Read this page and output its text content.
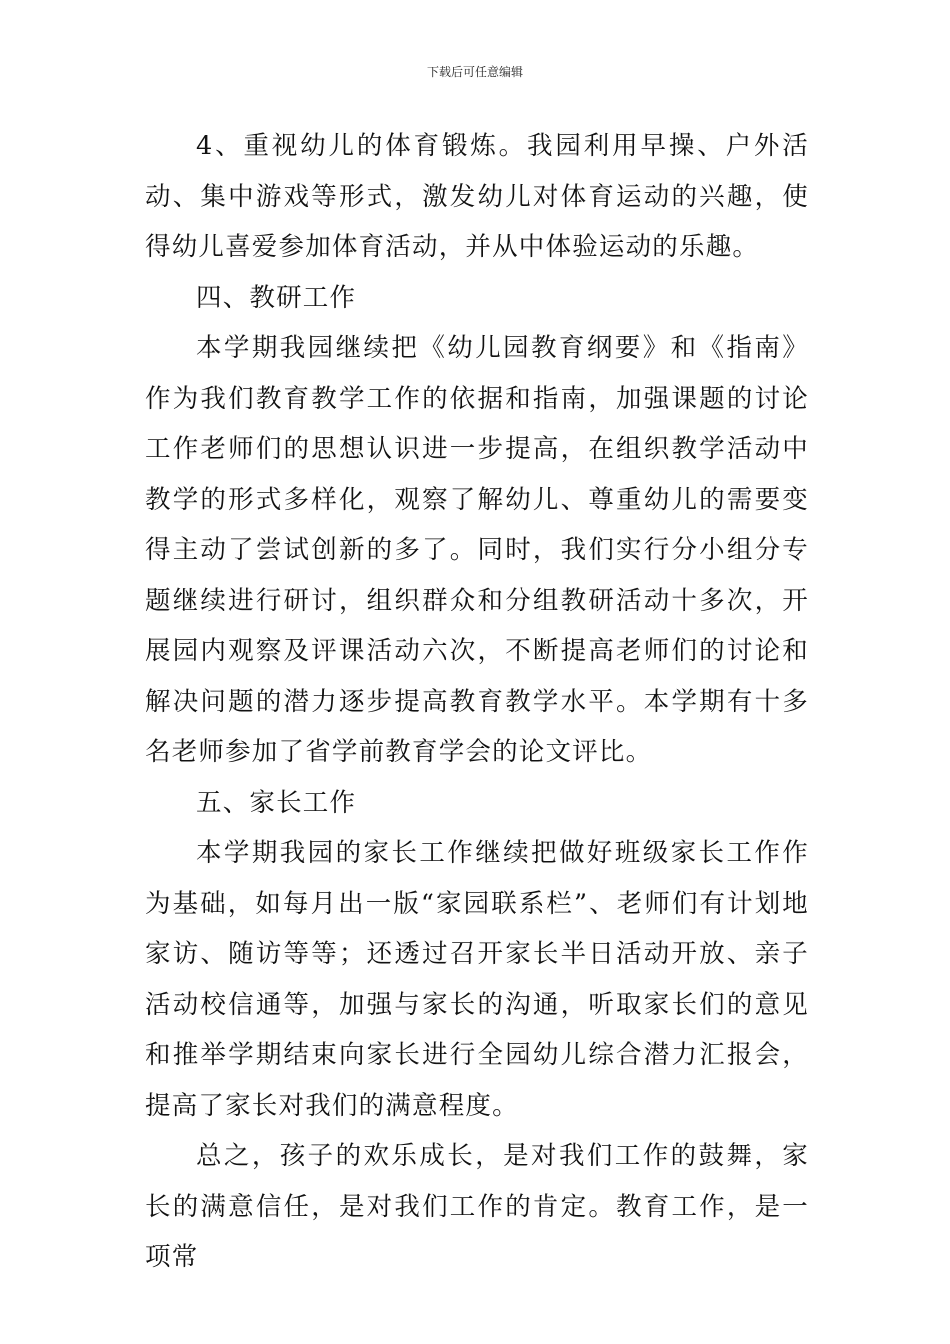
下载后可任意编辑

4、重视幼儿的体育锻炼。我园利用早操、户外活动、集中游戏等形式，激发幼儿对体育运动的兴趣，使得幼儿喜爱参加体育活动，并从中体验运动的乐趣。

四、教研工作

本学期我园继续把《幼儿园教育纲要》和《指南》作为我们教育教学工作的依据和指南，加强课题的讨论工作老师们的思想认识进一步提高，在组织教学活动中教学的形式多样化，观察了解幼儿、尊重幼儿的需要变得主动了尝试创新的多了。同时，我们实行分小组分专题继续进行研讨，组织群众和分组教研活动十多次，开展园内观察及评课活动六次，不断提高老师们的讨论和解决问题的潜力逐步提高教育教学水平。本学期有十多名老师参加了省学前教育学会的论文评比。

五、家长工作

本学期我园的家长工作继续把做好班级家长工作作为基础，如每月出一版“家园联系栏”、老师们有计划地家访、随访等等；还透过召开家长半日活动开放、亲子活动校信通等，加强与家长的沟通，听取家长们的意见和推举学期结束向家长进行全园幼儿综合潜力汇报会，提高了家长对我们的满意程度。

总之，孩子的欢乐成长，是对我们工作的鼓舞，家长的满意信任，是对我们工作的肯定。教育工作，是一项常
